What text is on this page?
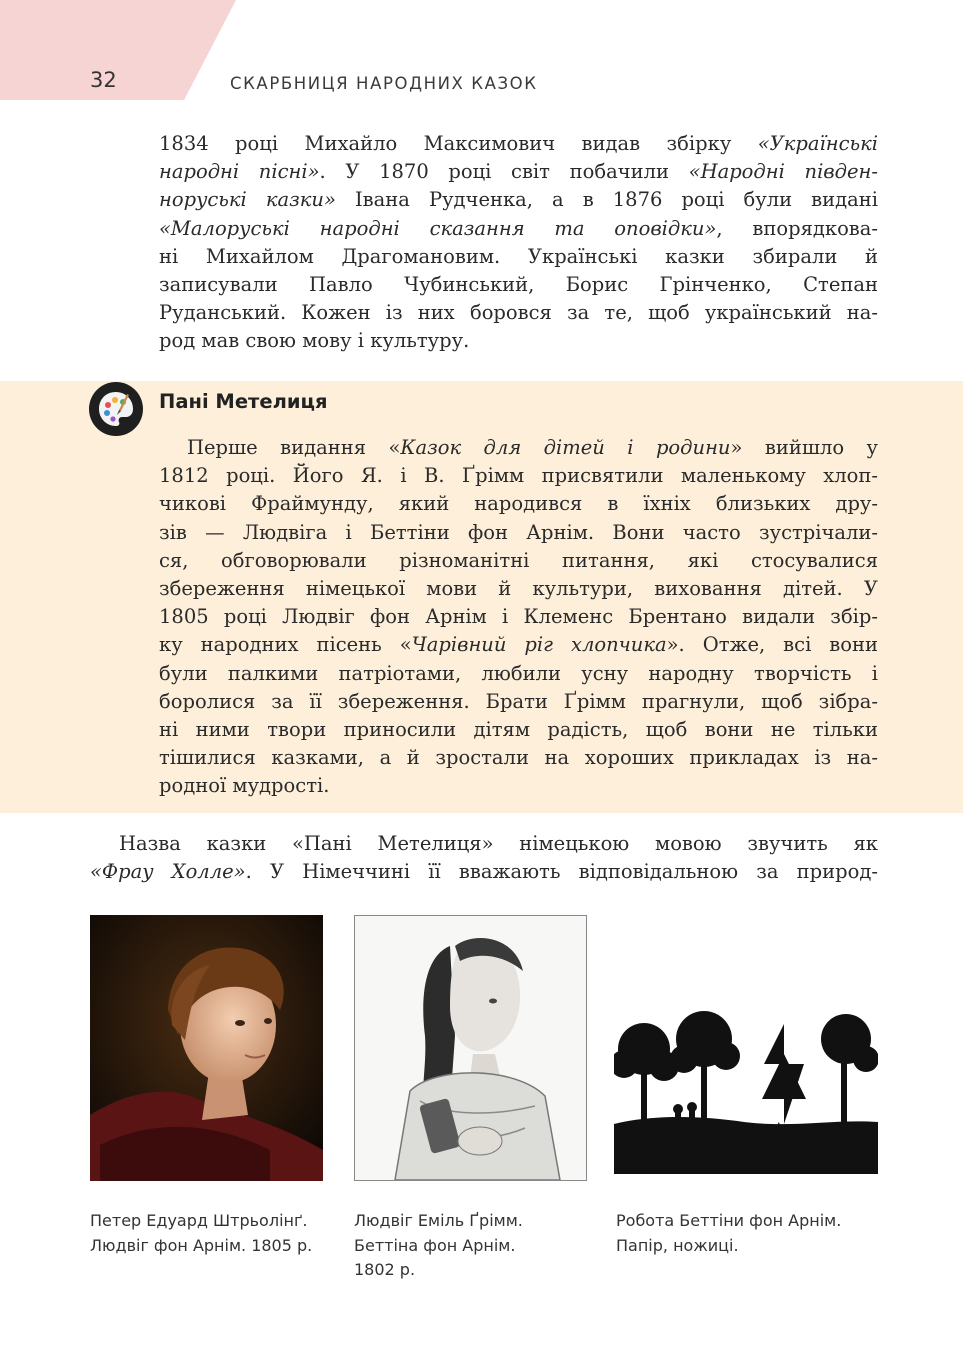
32	СКАРБНИЦЯ НАРОДНИХ КАЗОК
1834 році Михайло Максимович видав збірку «Українські
народні пісні». У 1870 році світ побачили «Народні півден-
норуські казки» Івана Рудченка, а в 1876 році були видані
«Малоруські народні сказання та оповідки», впорядкова-
ні Михайлом Драгомановим. Українські казки збирали й
записували Павло Чубинський, Борис Грінченко, Степан
Руданський. Кожен із них боровся за те, щоб український на-
род мав свою мову і культуру.
Пані Метелиця
Перше видання «Казок для дітей і родини» вийшло у
1812 році. Його Я. і В. Ґрімм присвятили маленькому хлоп-
чикові Фраймунду, який народився в їхніх близьких дру-
зів — Людвіга і Беттіни фон Арнім. Вони часто зустрічали-
ся, обговорювали різноманітні питання, які стосувалися
збереження німецької мови й культури, виховання дітей. У
1805 році Людвіг фон Арнім і Клеменс Брентано видали збір-
ку народних пісень «Чарівний ріг хлопчика». Отже, всі вони
були палкими патріотами, любили усну народну творчість і
боролися за її збереження. Брати Ґрімм прагнули, щоб зібра-
ні ними твори приносили дітям радість, щоб вони не тільки
тішилися казками, а й зростали на хороших прикладах із на-
родної мудрості.
Назва казки «Пані Метелиця» німецькою мовою звучить як
«Фрау Холле». У Німеччині її вважають відповідальною за природ-
Петер Едуард Штрьолінґ.
Людвіг фон Арнім. 1805 р.
Людвіг Еміль Ґрімм.
Беттіна фон Арнім.
1802 р.
Робота Беттіни фон Арнім.
Папір, ножиці.
